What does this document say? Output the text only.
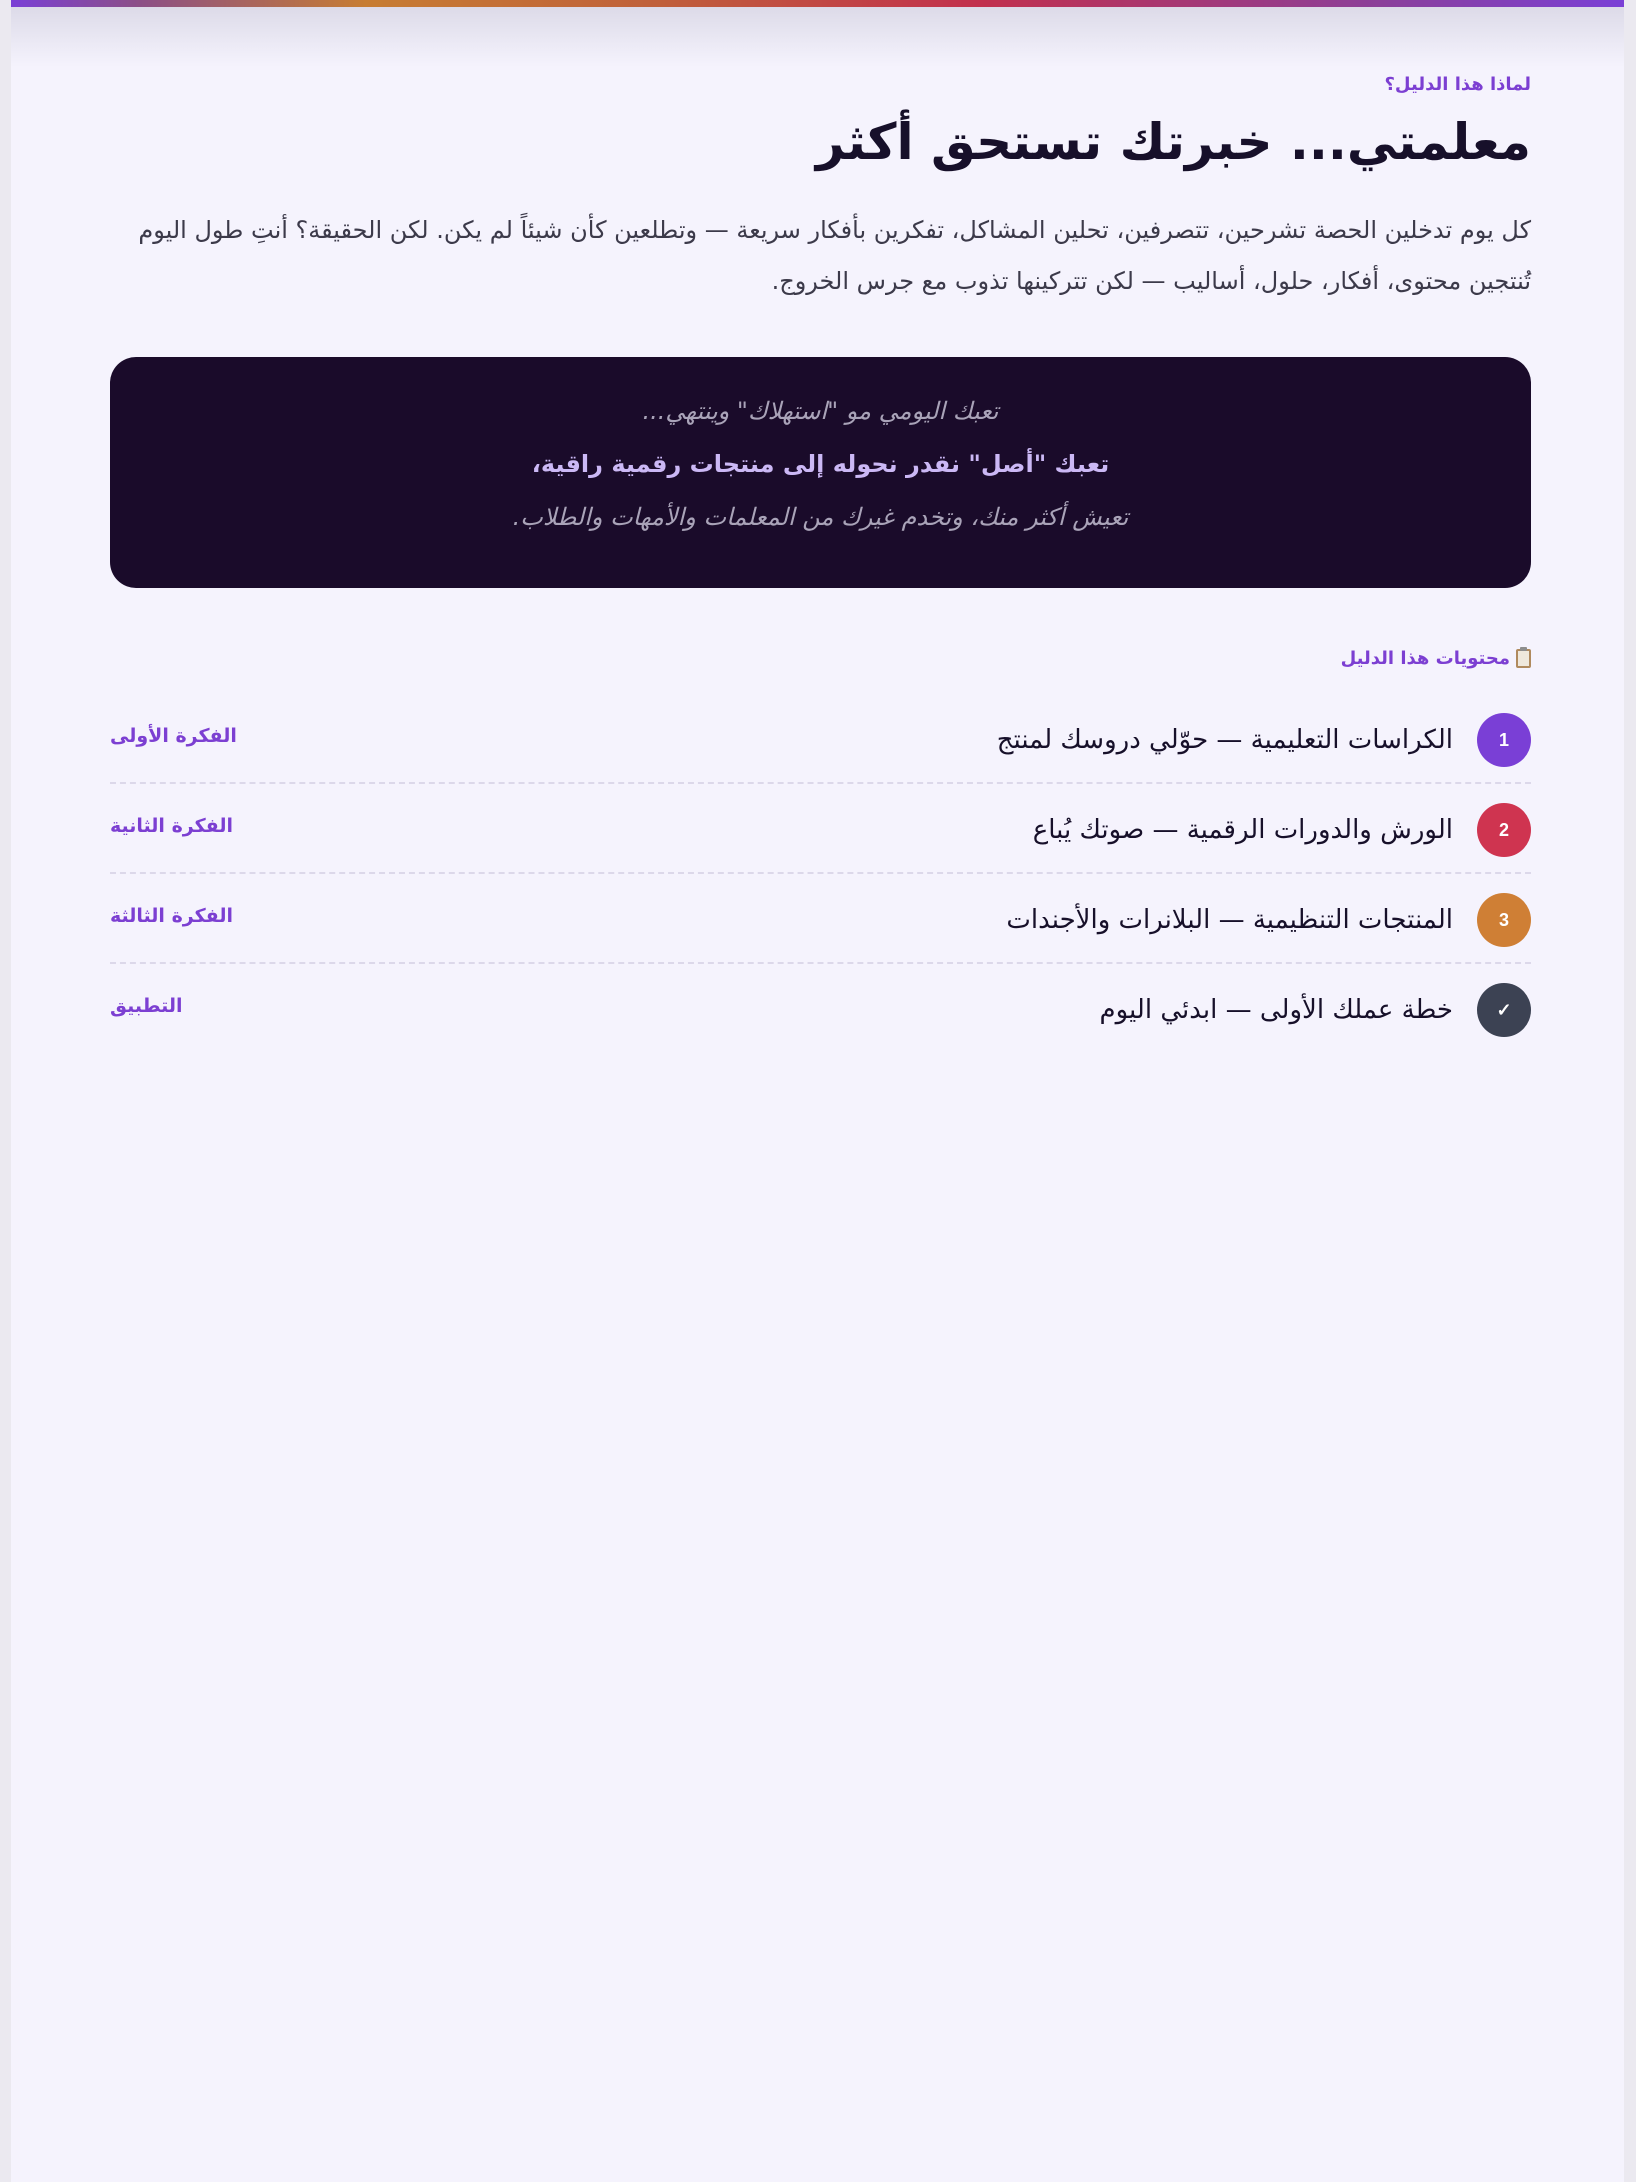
لماذا هذا الدليل؟
معلمتي... خبرتك تستحق أكثر

كل يوم تدخلين الحصة تشرحين، تتصرفين، تحلين المشاكل، تفكرين بأفكار سريعة — وتطلعين كأن شيئاً لم يكن. لكن الحقيقة؟ أنتِ طول اليوم تُنتجين محتوى، أفكار، حلول، أساليب — لكن تتركينها تذوب مع جرس الخروج.

تعبك اليومي مو "استهلاك" وينتهي...
تعبك "أصل" نقدر نحوله إلى منتجات رقمية راقية،
تعيش أكثر منك، وتخدم غيرك من المعلمات والأمهات والطلاب.
محتويات هذا الدليل
1
الكراسات التعليمية — حوّلي دروسك لمنتج
الفكرة الأولى
2
الورش والدورات الرقمية — صوتك يُباع
الفكرة الثانية
3
المنتجات التنظيمية — البلانرات والأجندات
الفكرة الثالثة
✓
خطة عملك الأولى — ابدئي اليوم
التطبيق
